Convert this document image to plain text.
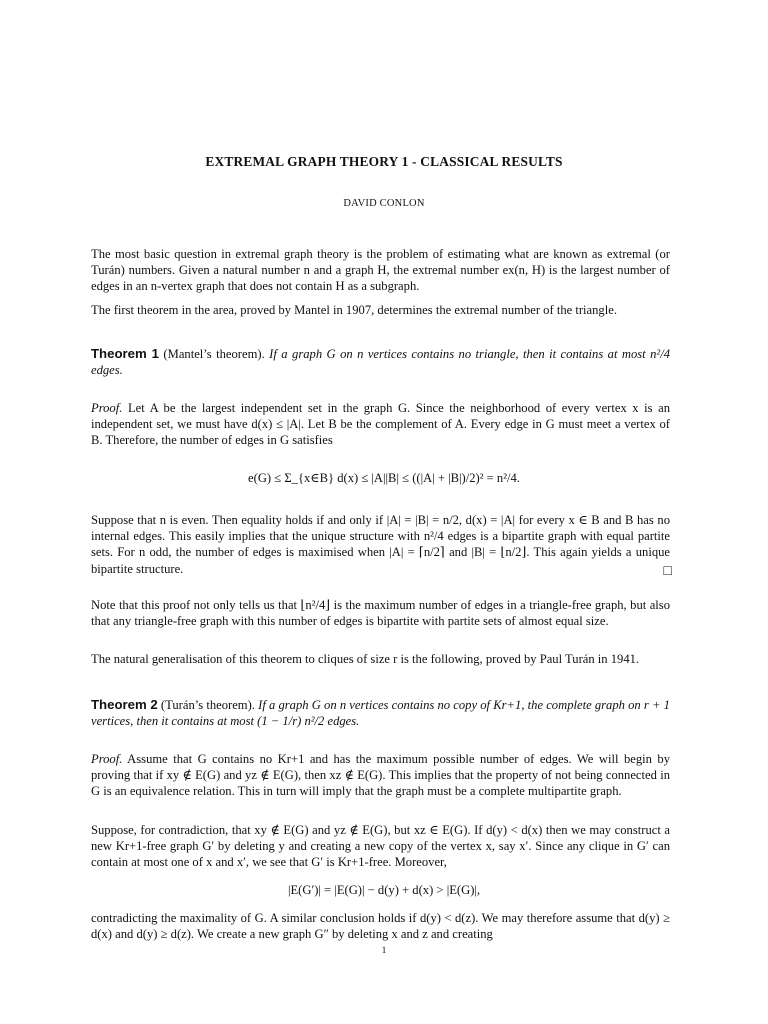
EXTREMAL GRAPH THEORY 1 - CLASSICAL RESULTS

DAVID CONLON

The most basic question in extremal graph theory is the problem of estimating what are known as extremal (or Turán) numbers. Given a natural number n and a graph H, the extremal number ex(n, H) is the largest number of edges in an n-vertex graph that does not contain H as a subgraph.

The first theorem in the area, proved by Mantel in 1907, determines the extremal number of the triangle.

Theorem 1 (Mantel’s theorem). If a graph G on n vertices contains no triangle, then it contains at most n²/4 edges.

Proof. Let A be the largest independent set in the graph G. Since the neighborhood of every vertex x is an independent set, we must have d(x) ≤ |A|. Let B be the complement of A. Every edge in G must meet a vertex of B. Therefore, the number of edges in G satisfies

e(G) ≤ Σ_{x∈B} d(x) ≤ |A||B| ≤ ((|A| + |B|)/2)² = n²/4.

Suppose that n is even. Then equality holds if and only if |A| = |B| = n/2, d(x) = |A| for every x ∈ B and B has no internal edges. This easily implies that the unique structure with n²/4 edges is a bipartite graph with equal partite sets. For n odd, the number of edges is maximised when |A| = ⌈n/2⌉ and |B| = ⌊n/2⌋. This again yields a unique bipartite structure.	□

Note that this proof not only tells us that ⌊n²/4⌋ is the maximum number of edges in a triangle-free graph, but also that any triangle-free graph with this number of edges is bipartite with partite sets of almost equal size.

The natural generalisation of this theorem to cliques of size r is the following, proved by Paul Turán in 1941.

Theorem 2 (Turán’s theorem). If a graph G on n vertices contains no copy of Kr+1, the complete graph on r + 1 vertices, then it contains at most (1 − 1/r) n²/2 edges.

Proof. Assume that G contains no Kr+1 and has the maximum possible number of edges. We will begin by proving that if xy ∉ E(G) and yz ∉ E(G), then xz ∉ E(G). This implies that the property of not being connected in G is an equivalence relation. This in turn will imply that the graph must be a complete multipartite graph.

Suppose, for contradiction, that xy ∉ E(G) and yz ∉ E(G), but xz ∈ E(G). If d(y) < d(x) then we may construct a new Kr+1-free graph G′ by deleting y and creating a new copy of the vertex x, say x′. Since any clique in G′ can contain at most one of x and x′, we see that G′ is Kr+1-free. Moreover,

|E(G′)| = |E(G)| − d(y) + d(x) > |E(G)|,

contradicting the maximality of G. A similar conclusion holds if d(y) < d(z). We may therefore assume that d(y) ≥ d(x) and d(y) ≥ d(z). We create a new graph G″ by deleting x and z and creating

1
